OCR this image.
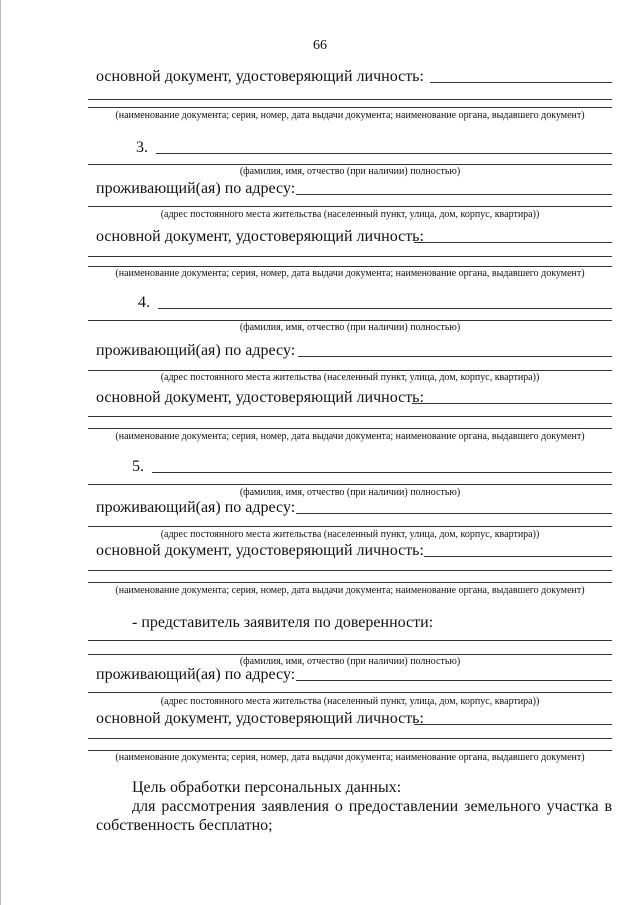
66
основной документ, удостоверяющий личность:
(наименование документа; серия, номер, дата выдачи документа; наименование органа, выдавшего документ)
3.
(фамилия, имя, отчество (при наличии) полностью)
проживающий(ая) по адресу:
(адрес постоянного места жительства (населенный пункт, улица, дом, корпус, квартира))
основной документ, удостоверяющий личность:
(наименование документа; серия, номер, дата выдачи документа; наименование органа, выдавшего документ)
4.
(фамилия, имя, отчество (при наличии) полностью)
проживающий(ая) по адресу:
(адрес постоянного места жительства (населенный пункт, улица, дом, корпус, квартира))
основной документ, удостоверяющий личность:
(наименование документа; серия, номер, дата выдачи документа; наименование органа, выдавшего документ)
5.
(фамилия, имя, отчество (при наличии) полностью)
проживающий(ая) по адресу:
(адрес постоянного места жительства (населенный пункт, улица, дом, корпус, квартира))
основной документ, удостоверяющий личность:
(наименование документа; серия, номер, дата выдачи документа; наименование органа, выдавшего документ)
- представитель заявителя по доверенности:
(фамилия, имя, отчество (при наличии) полностью)
проживающий(ая) по адресу:
(адрес постоянного места жительства (населенный пункт, улица, дом, корпус, квартира))
основной документ, удостоверяющий личность:
(наименование документа; серия, номер, дата выдачи документа; наименование органа, выдавшего документ)
Цель обработки персональных данных:
для рассмотрения заявления о предоставлении земельного участка в
собственность бесплатно;
